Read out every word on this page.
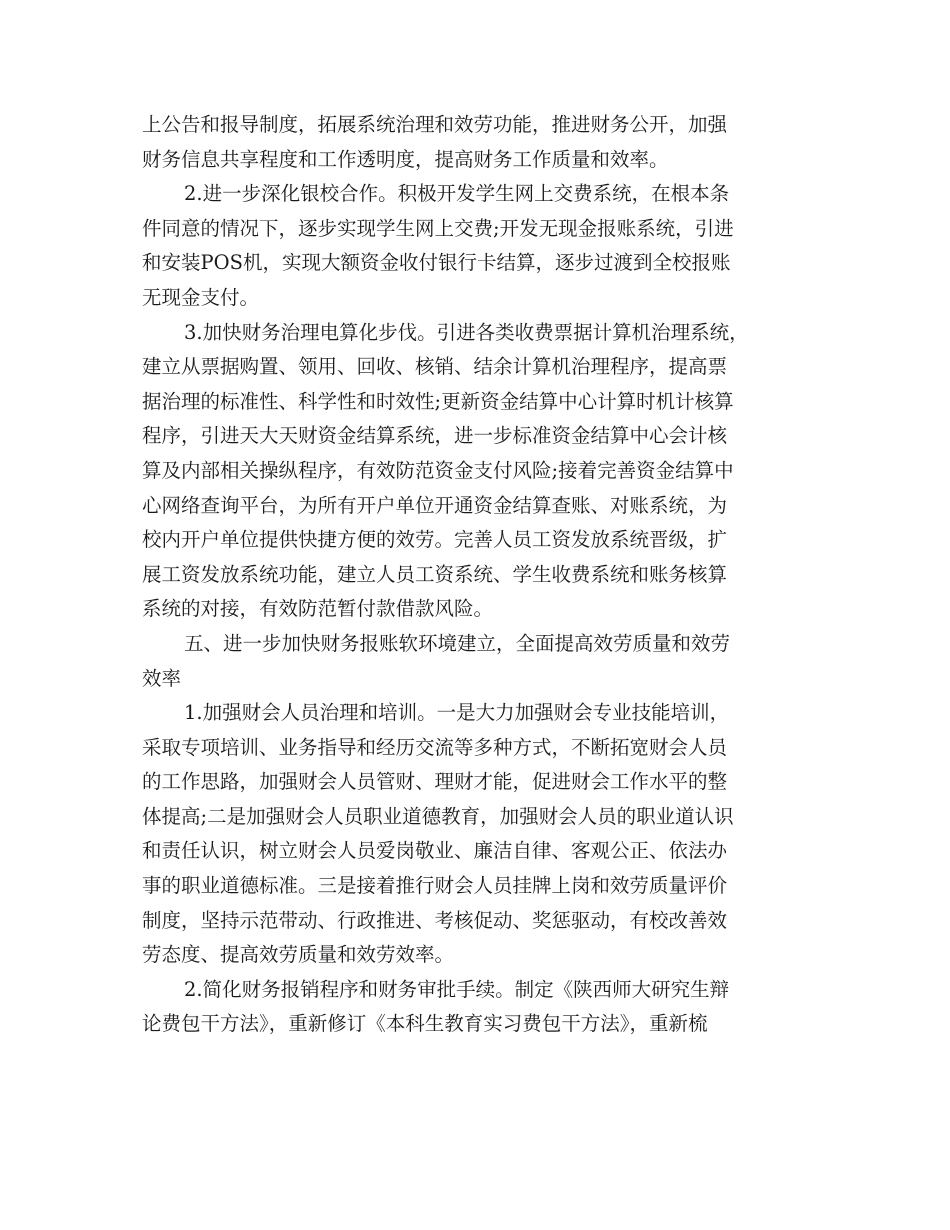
上公告和报导制度，拓展系统治理和效劳功能，推进财务公开，加强
财务信息共享程度和工作透明度，提高财务工作质量和效率。
2.进一步深化银校合作。积极开发学生网上交费系统，在根本条
件同意的情况下，逐步实现学生网上交费;开发无现金报账系统，引进
和安装POS机，实现大额资金收付银行卡结算，逐步过渡到全校报账
无现金支付。
3.加快财务治理电算化步伐。引进各类收费票据计算机治理系统，
建立从票据购置、领用、回收、核销、结余计算机治理程序，提高票
据治理的标准性、科学性和时效性;更新资金结算中心计算时机计核算
程序，引进天大天财资金结算系统，进一步标准资金结算中心会计核
算及内部相关操纵程序，有效防范资金支付风险;接着完善资金结算中
心网络查询平台，为所有开户单位开通资金结算查账、对账系统，为
校内开户单位提供快捷方便的效劳。完善人员工资发放系统晋级，扩
展工资发放系统功能，建立人员工资系统、学生收费系统和账务核算
系统的对接，有效防范暂付款借款风险。
五、进一步加快财务报账软环境建立，全面提高效劳质量和效劳
效率
1.加强财会人员治理和培训。一是大力加强财会专业技能培训，
采取专项培训、业务指导和经历交流等多种方式，不断拓宽财会人员
的工作思路，加强财会人员管财、理财才能，促进财会工作水平的整
体提高;二是加强财会人员职业道德教育，加强财会人员的职业道认识
和责任认识，树立财会人员爱岗敬业、廉洁自律、客观公正、依法办
事的职业道德标准。三是接着推行财会人员挂牌上岗和效劳质量评价
制度，坚持示范带动、行政推进、考核促动、奖惩驱动，有校改善效
劳态度、提高效劳质量和效劳效率。
2.简化财务报销程序和财务审批手续。制定《陕西师大研究生辩
论费包干方法》，重新修订《本科生教育实习费包干方法》，重新梳
